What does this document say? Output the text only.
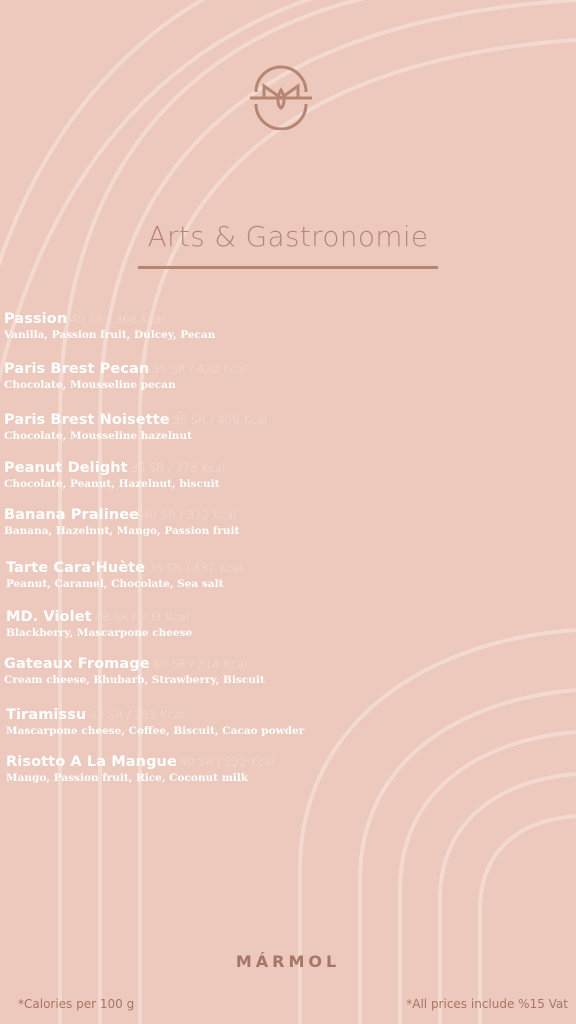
Arts & Gastronomie
Passion 40 SR / 368 Kcal
Vanilla, Passion fruit, Dulcey, Pecan
Paris Brest Pecan 35 SR / 420 Kcal
Chocolate, Mousseline pecan
Paris Brest Noisette 35 SR / 409 Kcal
Chocolate, Mousseline hazelnut
Peanut Delight 36 SR / 378 Kcal
Chocolate, Peanut, Hazelnut, biscuit
Banana Pralinee 40 SR / 372 Kcal
Banana, Hazelnut, Mango, Passion fruit
Tarte Cara'Huète 35 SR / 437 Kcal
Peanut, Caramel, Chocolate, Sea salt
MD. Violet 48 SR / 203 Kcal
Blackberry, Mascarpone cheese
Gateaux Fromage 40 SR / 314 Kcal
Cream cheese, Rhubarb, Strawberry, Biscuit
Tiramissu 40 SR / 283 Kcal
Mascarpone cheese, Coffee, Biscuit, Cacao powder
Risotto A La Mangue 40 SR / 222 Kcal
Mango, Passion fruit, Rice, Coconut milk
MÁRMOL
*Calories per 100 g	*All prices include %15 Vat
